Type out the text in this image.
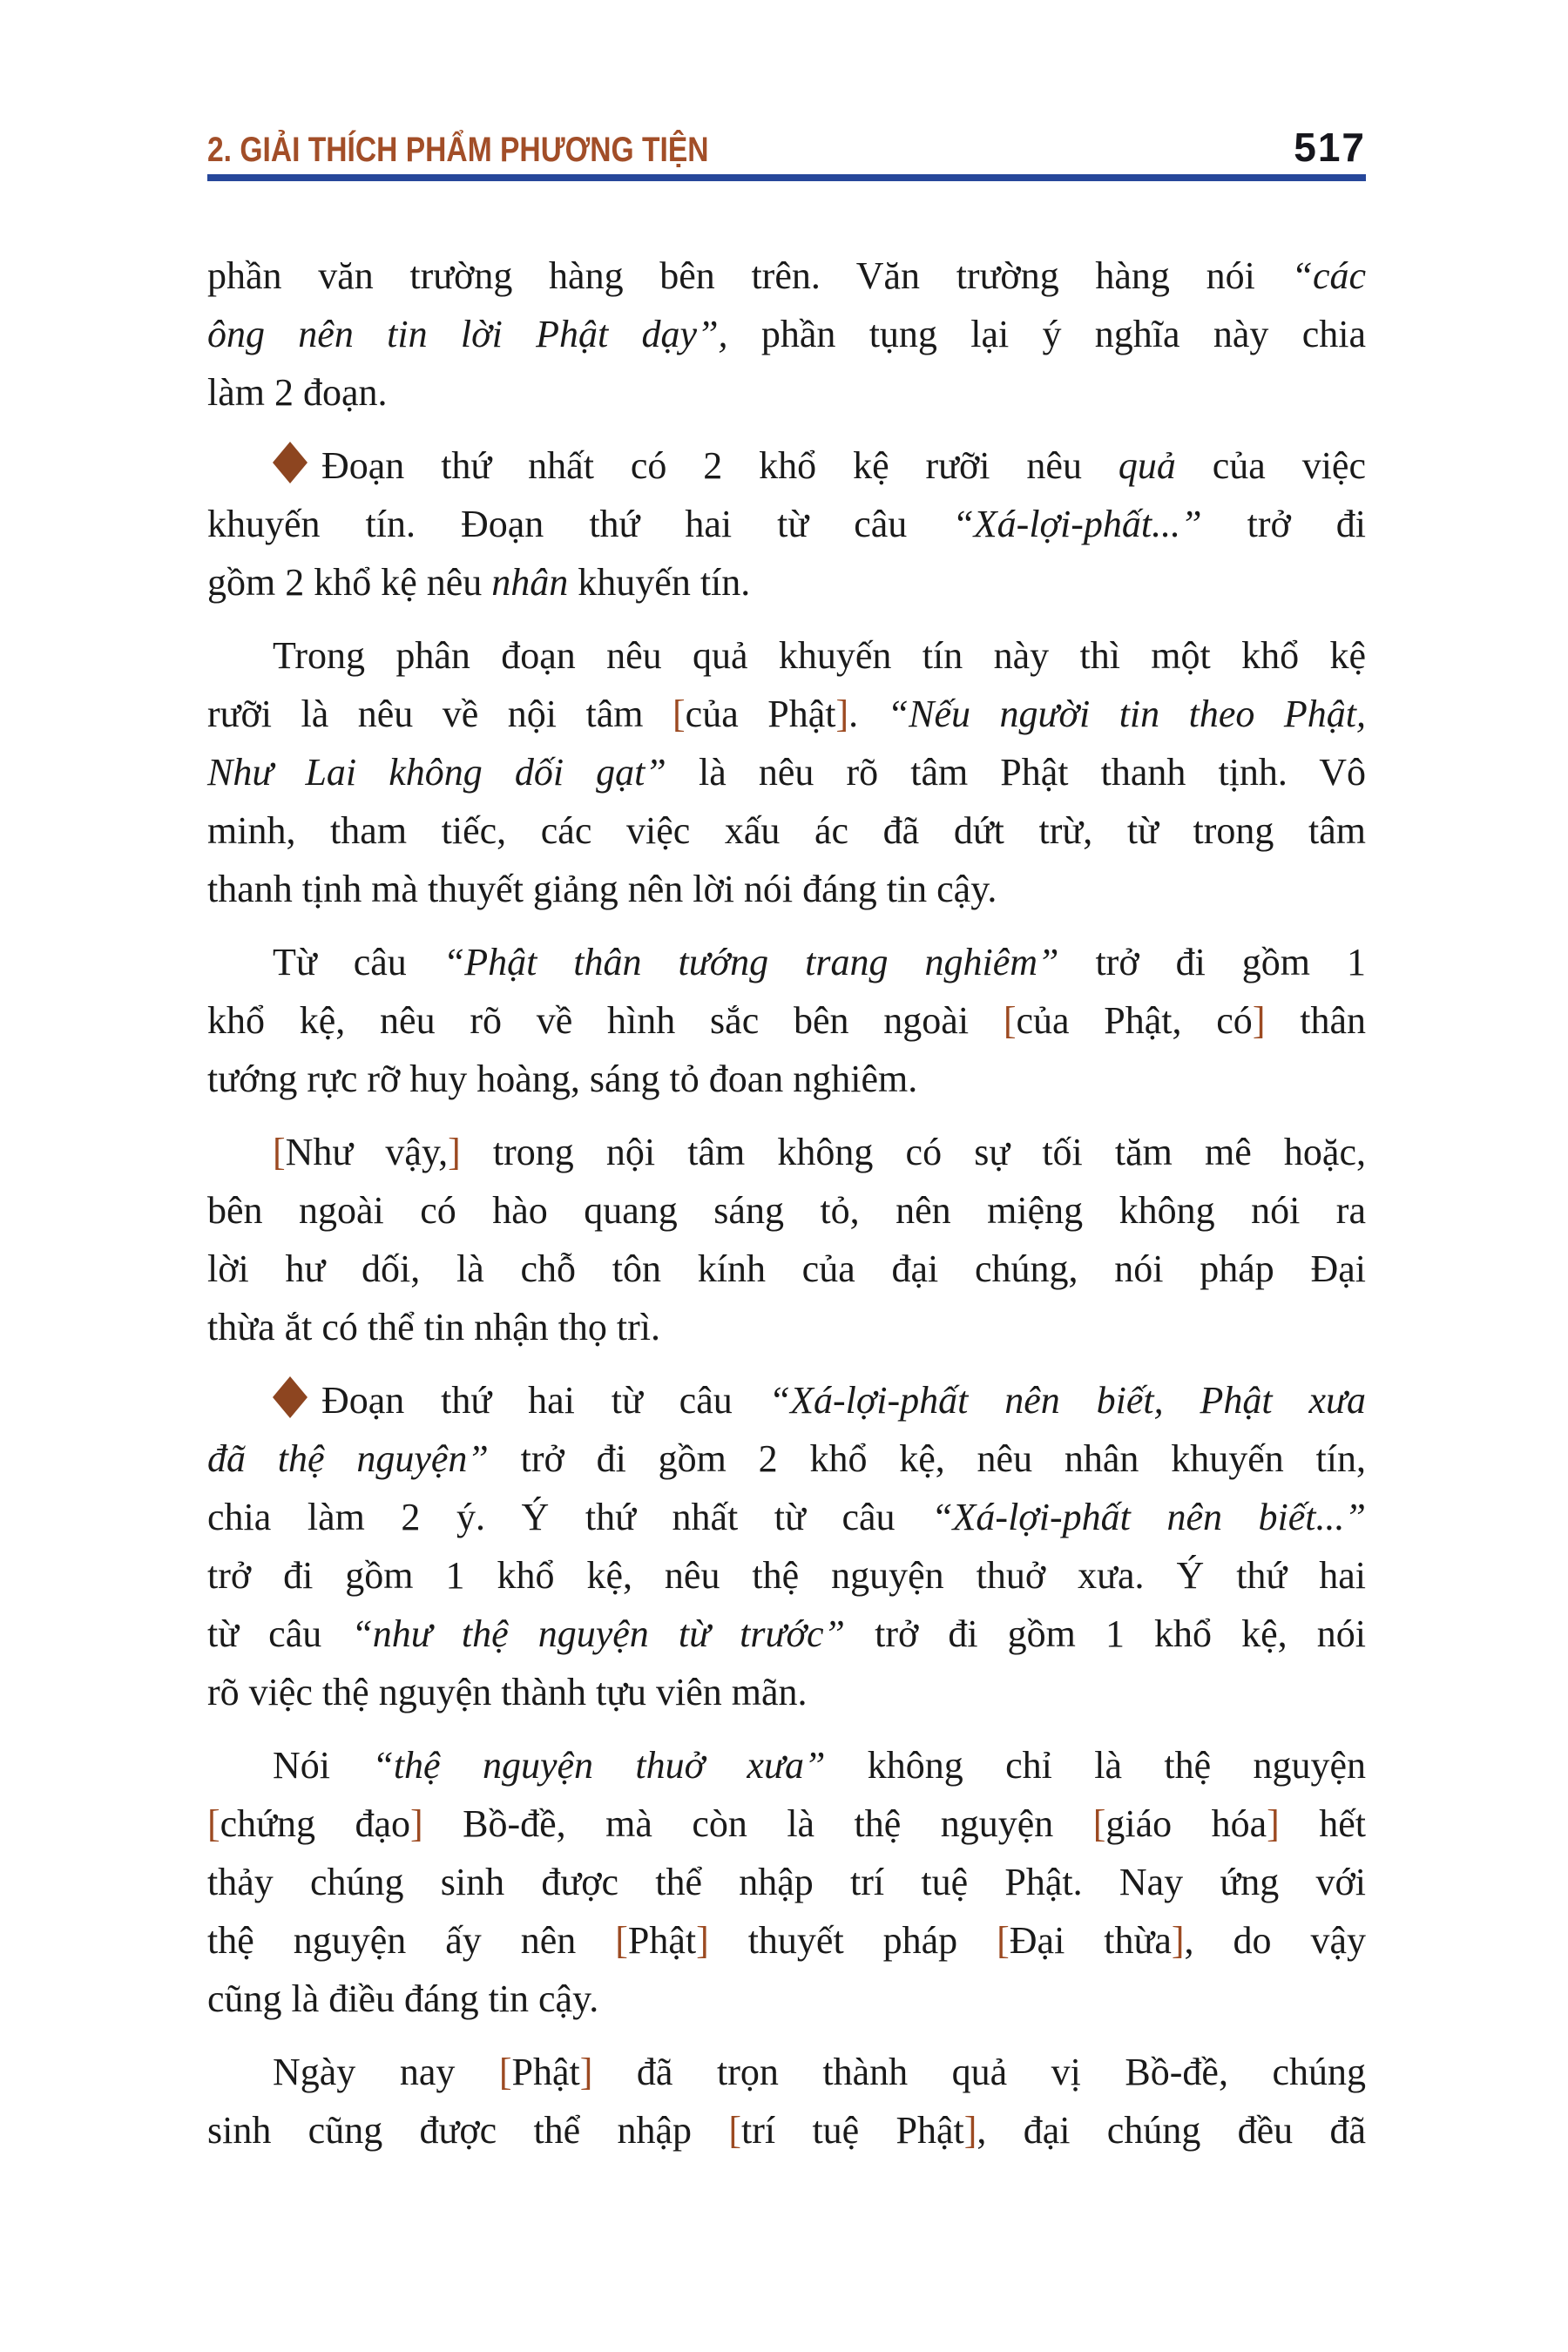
2. GIẢI THÍCH PHẨM PHƯƠNG TIỆN	517
phần văn trường hàng bên trên. Văn trường hàng nói “các
ông nên tin lời Phật dạy”, phần tụng lại ý nghĩa này chia
làm 2 đoạn.
Đoạn thứ nhất có 2 khổ kệ rưỡi nêu quả của việc
khuyến tín. Đoạn thứ hai từ câu “Xá-lợi-phất...” trở đi
gồm 2 khổ kệ nêu nhân khuyến tín.
Trong phân đoạn nêu quả khuyến tín này thì một khổ kệ
rưỡi là nêu về nội tâm [của Phật]. “Nếu người tin theo Phật,
Như Lai không dối gạt” là nêu rõ tâm Phật thanh tịnh. Vô
minh, tham tiếc, các việc xấu ác đã dứt trừ, từ trong tâm
thanh tịnh mà thuyết giảng nên lời nói đáng tin cậy.
Từ câu “Phật thân tướng trang nghiêm” trở đi gồm 1
khổ kệ, nêu rõ về hình sắc bên ngoài [của Phật, có] thân
tướng rực rỡ huy hoàng, sáng tỏ đoan nghiêm.
[Như vậy,] trong nội tâm không có sự tối tăm mê hoặc,
bên ngoài có hào quang sáng tỏ, nên miệng không nói ra
lời hư dối, là chỗ tôn kính của đại chúng, nói pháp Đại
thừa ắt có thể tin nhận thọ trì.
Đoạn thứ hai từ câu “Xá-lợi-phất nên biết, Phật xưa
đã thệ nguyện” trở đi gồm 2 khổ kệ, nêu nhân khuyến tín,
chia làm 2 ý. Ý thứ nhất từ câu “Xá-lợi-phất nên biết...”
trở đi gồm 1 khổ kệ, nêu thệ nguyện thuở xưa. Ý thứ hai
từ câu “như thệ nguyện từ trước” trở đi gồm 1 khổ kệ, nói
rõ việc thệ nguyện thành tựu viên mãn.
Nói “thệ nguyện thuở xưa” không chỉ là thệ nguyện
[chứng đạo] Bồ-đề, mà còn là thệ nguyện [giáo hóa] hết
thảy chúng sinh được thể nhập trí tuệ Phật. Nay ứng với
thệ nguyện ấy nên [Phật] thuyết pháp [Đại thừa], do vậy
cũng là điều đáng tin cậy.
Ngày nay [Phật] đã trọn thành quả vị Bồ-đề, chúng
sinh cũng được thể nhập [trí tuệ Phật], đại chúng đều đã
